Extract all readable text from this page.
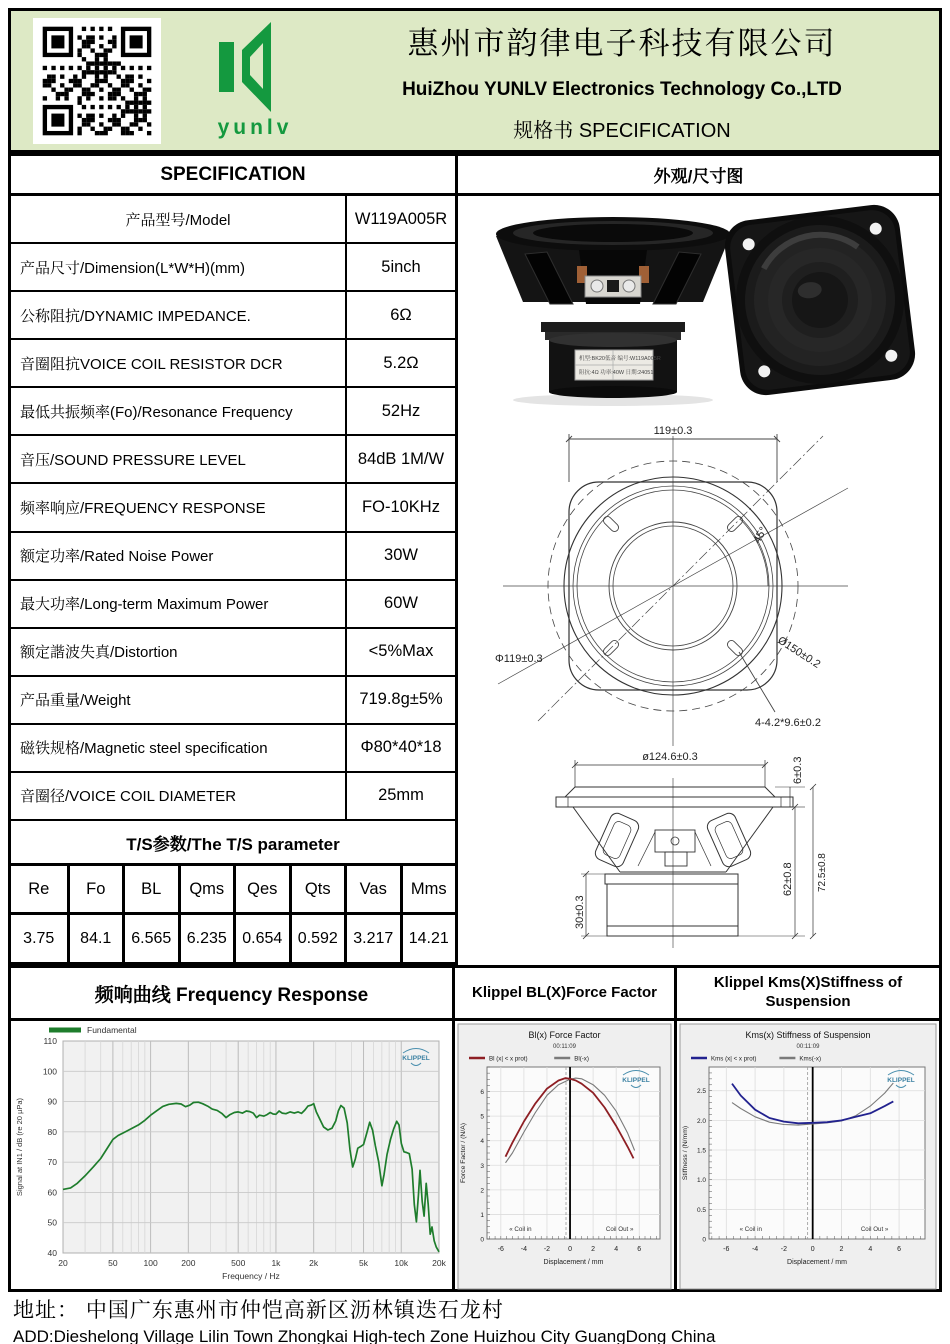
yunlv
惠州市韵律电子科技有限公司
HuiZhou YUNLV Electronics Technology Co.,LTD
规格书 SPECIFICATION
SPECIFICATION
产品型号/Model	W119A005R
产品尺寸/Dimension(L*W*H)(mm)	5inch
公称阻抗/DYNAMIC IMPEDANCE.	6Ω
音圈阻抗VOICE COIL RESISTOR DCR	5.2Ω
最低共振频率(Fo)/Resonance Frequency	52Hz
音压/SOUND PRESSURE LEVEL	84dB 1M/W
频率响应/FREQUENCY RESPONSE	FO-10KHz
额定功率/Rated Noise Power	30W
最大功率/Long-term Maximum Power	60W
额定諧波失真/Distortion	<5%Max
产品重量/Weight	719.8g±5%
磁铁规格/Magnetic steel specification	Φ80*40*18
音圈径/VOICE COIL DIAMETER	25mm
T/S参数/The T/S parameter
Re	Fo	BL	Qms	Qes	Qts	Vas	Mms
3.75	84.1	6.565 6.235 0.654 0.592 3.217 14.21
外观/尺寸图
机型:BK20低音 编号:W119A005R
阻抗:4Ω 功率:40W 日期:24051
119±0.3
Φ119±0.3	Ø150±0.2
45°
4-4.2*9.6±0.2
ø124.6±0.3	6±0.3
62±0.8 72.5±0.8
30±0.3
频响曲线 Frequency Response
20	50	100	200	500	1k	2k	5k	10k	20k
40
50
60
70
80
90
100
110
Frequency / Hz
Signal at IN1 / dB (re 20 µPa)
Fundamental
KLIPPEL
Klippel BL(X)Force Factor
Bl(x) Force Factor
00:11:09
Bl (x| < x prot)	Bl(-x)
-6 -4 -2	0	2	4	6
0
1
2
3
4
5
6
« Coil in	Coil Out »
Displacement / mm
Force Factor / (N/A)
KLIPPEL
Klippel Kms(X)Stiffness of Suspension
Kms(x) Stiffness of Suspension
00:11:09
Kms (x| < x prot)	Kms(-x)
-6	-4	-2	0	2	4	6
0
0.5
1.0
1.5
2.0
2.5
« Coil in	Coil Out »
Displacement / mm
Stiffness / (N/mm)
KLIPPEL
地址： 中国广东惠州市仲恺高新区沥林镇迭石龙村
ADD:Dieshelong Village Lilin Town Zhongkai High-tech Zone Huizhou City GuangDong China
